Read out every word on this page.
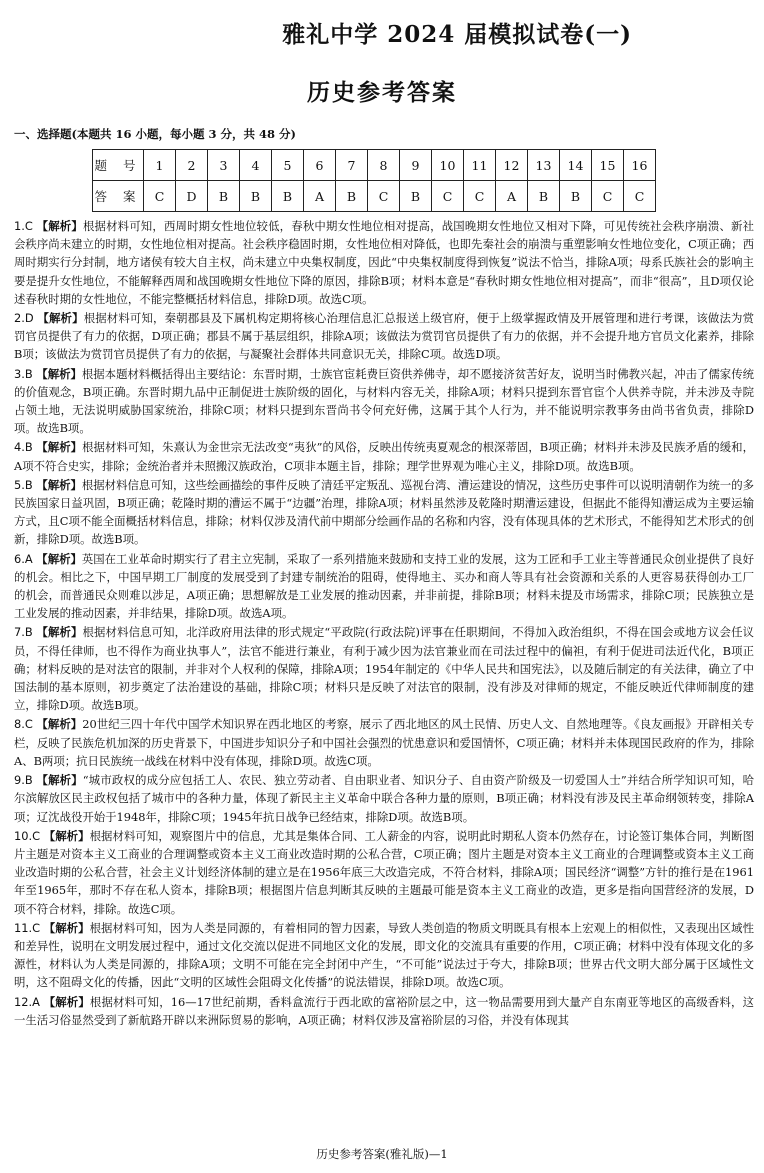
雅礼中学 2024 届模拟试卷(一)
历史参考答案
一、选择题(本题共 16 小题，每小题 3 分，共 48 分)
题 号	1	2	3	4	5	6	7	8	9	10	11	12	13	14	15	16
答 案	C	D	B	B	B	A	B	C	B	C	C	A	B	B	C	C

1.C 【解析】根据材料可知，西周时期女性地位较低，春秋中期女性地位相对提高，战国晚期女性地位又相对下降，可见传统社会秩序崩溃、新社会秩序尚未建立的时期，女性地位相对提高。社会秩序稳固时期，女性地位相对降低，也即先秦社会的崩溃与重塑影响女性地位变化，C项正确；西周时期实行分封制，地方诸侯有较大自主权，尚未建立中央集权制度，因此“中央集权制度得到恢复”说法不恰当，排除A项；母系氏族社会的影响主要是提升女性地位，不能解释西周和战国晚期女性地位下降的原因，排除B项；材料本意是“春秋时期女性地位相对提高”，而非“很高”，且D项仅论述春秋时期的女性地位，不能完整概括材料信息，排除D项。故选C项。

2.D 【解析】根据材料可知，秦朝郡县及下属机构定期将核心治理信息汇总报送上级官府，便于上级掌握政情及开展管理和进行考课，该做法为赏罚官员提供了有力的依据，D项正确；郡县不属于基层组织，排除A项；该做法为赏罚官员提供了有力的依据，并不会提升地方官员文化素养，排除B项；该做法为赏罚官员提供了有力的依据，与凝聚社会群体共同意识无关，排除C项。故选D项。

3.B 【解析】根据本题材料概括得出主要结论：东晋时期，士族官宦耗费巨资供养佛寺，却不愿接济贫苦好友，说明当时佛教兴起，冲击了儒家传统的价值观念，B项正确。东晋时期九品中正制促进士族阶级的固化，与材料内容无关，排除A项；材料只提到东晋官宦个人供养寺院，并未涉及寺院占领土地，无法说明威胁国家统治，排除C项；材料只提到东晋尚书令何充好佛，这属于其个人行为，并不能说明宗教事务由尚书省负责，排除D项。故选B项。

4.B 【解析】根据材料可知，朱熹认为金世宗无法改变“夷狄”的风俗，反映出传统夷夏观念的根深蒂固，B项正确；材料并未涉及民族矛盾的缓和，A项不符合史实，排除；金统治者并未照搬汉族政治，C项非本题主旨，排除；理学世界观为唯心主义，排除D项。故选B项。

5.B 【解析】根据材料信息可知，这些绘画描绘的事件反映了清廷平定叛乱、巡视台湾、漕运建设的情况，这些历史事件可以说明清朝作为统一的多民族国家日益巩固，B项正确；乾隆时期的漕运不属于“边疆”治理，排除A项；材料虽然涉及乾隆时期漕运建设，但据此不能得知漕运成为主要运输方式，且C项不能全面概括材料信息，排除；材料仅涉及清代前中期部分绘画作品的名称和内容，没有体现具体的艺术形式，不能得知艺术形式的创新，排除D项。故选B项。

6.A 【解析】英国在工业革命时期实行了君主立宪制，采取了一系列措施来鼓励和支持工业的发展，这为工匠和手工业主等普通民众创业提供了良好的机会。相比之下，中国早期工厂制度的发展受到了封建专制统治的阻碍，使得地主、买办和商人等具有社会资源和关系的人更容易获得创办工厂的机会，而普通民众则难以涉足，A项正确；思想解放是工业发展的推动因素，并非前提，排除B项；材料未提及市场需求，排除C项；民族独立是工业发展的推动因素，并非结果，排除D项。故选A项。

7.B 【解析】根据材料信息可知，北洋政府用法律的形式规定“平政院(行政法院)评事在任职期间，不得加入政治组织，不得在国会或地方议会任议员，不得任律师，也不得作为商业执事人”，法官不能进行兼业，有利于减少因为法官兼业而在司法过程中的偏袒，有利于促进司法近代化，B项正确；材料反映的是对法官的限制，并非对个人权利的保障，排除A项；1954年制定的《中华人民共和国宪法》，以及随后制定的有关法律，确立了中国法制的基本原则，初步奠定了法治建设的基础，排除C项；材料只是反映了对法官的限制，没有涉及对律师的规定，不能反映近代律师制度的建立，排除D项。故选B项。

8.C 【解析】20世纪三四十年代中国学术知识界在西北地区的考察，展示了西北地区的风土民情、历史人文、自然地理等。《良友画报》开辟相关专栏，反映了民族危机加深的历史背景下，中国进步知识分子和中国社会强烈的忧患意识和爱国情怀，C项正确；材料并未体现国民政府的作为，排除A、B两项；抗日民族统一战线在材料中没有体现，排除D项。故选C项。

9.B 【解析】“城市政权的成分应包括工人、农民、独立劳动者、自由职业者、知识分子、自由资产阶级及一切爱国人士”并结合所学知识可知，哈尔滨解放区民主政权包括了城市中的各种力量，体现了新民主主义革命中联合各种力量的原则，B项正确；材料没有涉及民主革命纲领转变，排除A项；辽沈战役开始于1948年，排除C项；1945年抗日战争已经结束，排除D项。故选B项。

10.C 【解析】根据材料可知，观察图片中的信息，尤其是集体合同、工人薪金的内容，说明此时期私人资本仍然存在，讨论签订集体合同，判断图片主题是对资本主义工商业的合理调整或资本主义工商业改造时期的公私合营，C项正确；图片主题是对资本主义工商业的合理调整或资本主义工商业改造时期的公私合营，社会主义计划经济体制的建立是在1956年底三大改造完成，不符合材料，排除A项；国民经济“调整”方针的推行是在1961年至1965年，那时不存在私人资本，排除B项；根据图片信息判断其反映的主题最可能是资本主义工商业的改造，更多是指向国营经济的发展，D项不符合材料，排除。故选C项。

11.C 【解析】根据材料可知，因为人类是同源的，有着相同的智力因素，导致人类创造的物质文明既具有根本上宏观上的相似性，又表现出区域性和差异性，说明在文明发展过程中，通过文化交流以促进不同地区文化的发展，即文化的交流具有重要的作用，C项正确；材料中没有体现文化的多源性，材料认为人类是同源的，排除A项；文明不可能在完全封闭中产生，“不可能”说法过于夸大，排除B项；世界古代文明大部分属于区域性文明，这不阻碍文化的传播，因此“文明的区域性会阻碍文化传播”的说法错误，排除D项。故选C项。

12.A 【解析】根据材料可知，16—17世纪前期，香料盒流行于西北欧的富裕阶层之中，这一物品需要用到大量产自东南亚等地区的高级香料，这一生活习俗显然受到了新航路开辟以来洲际贸易的影响，A项正确；材料仅涉及富裕阶层的习俗，并没有体现其

历史参考答案(雅礼版)—1
